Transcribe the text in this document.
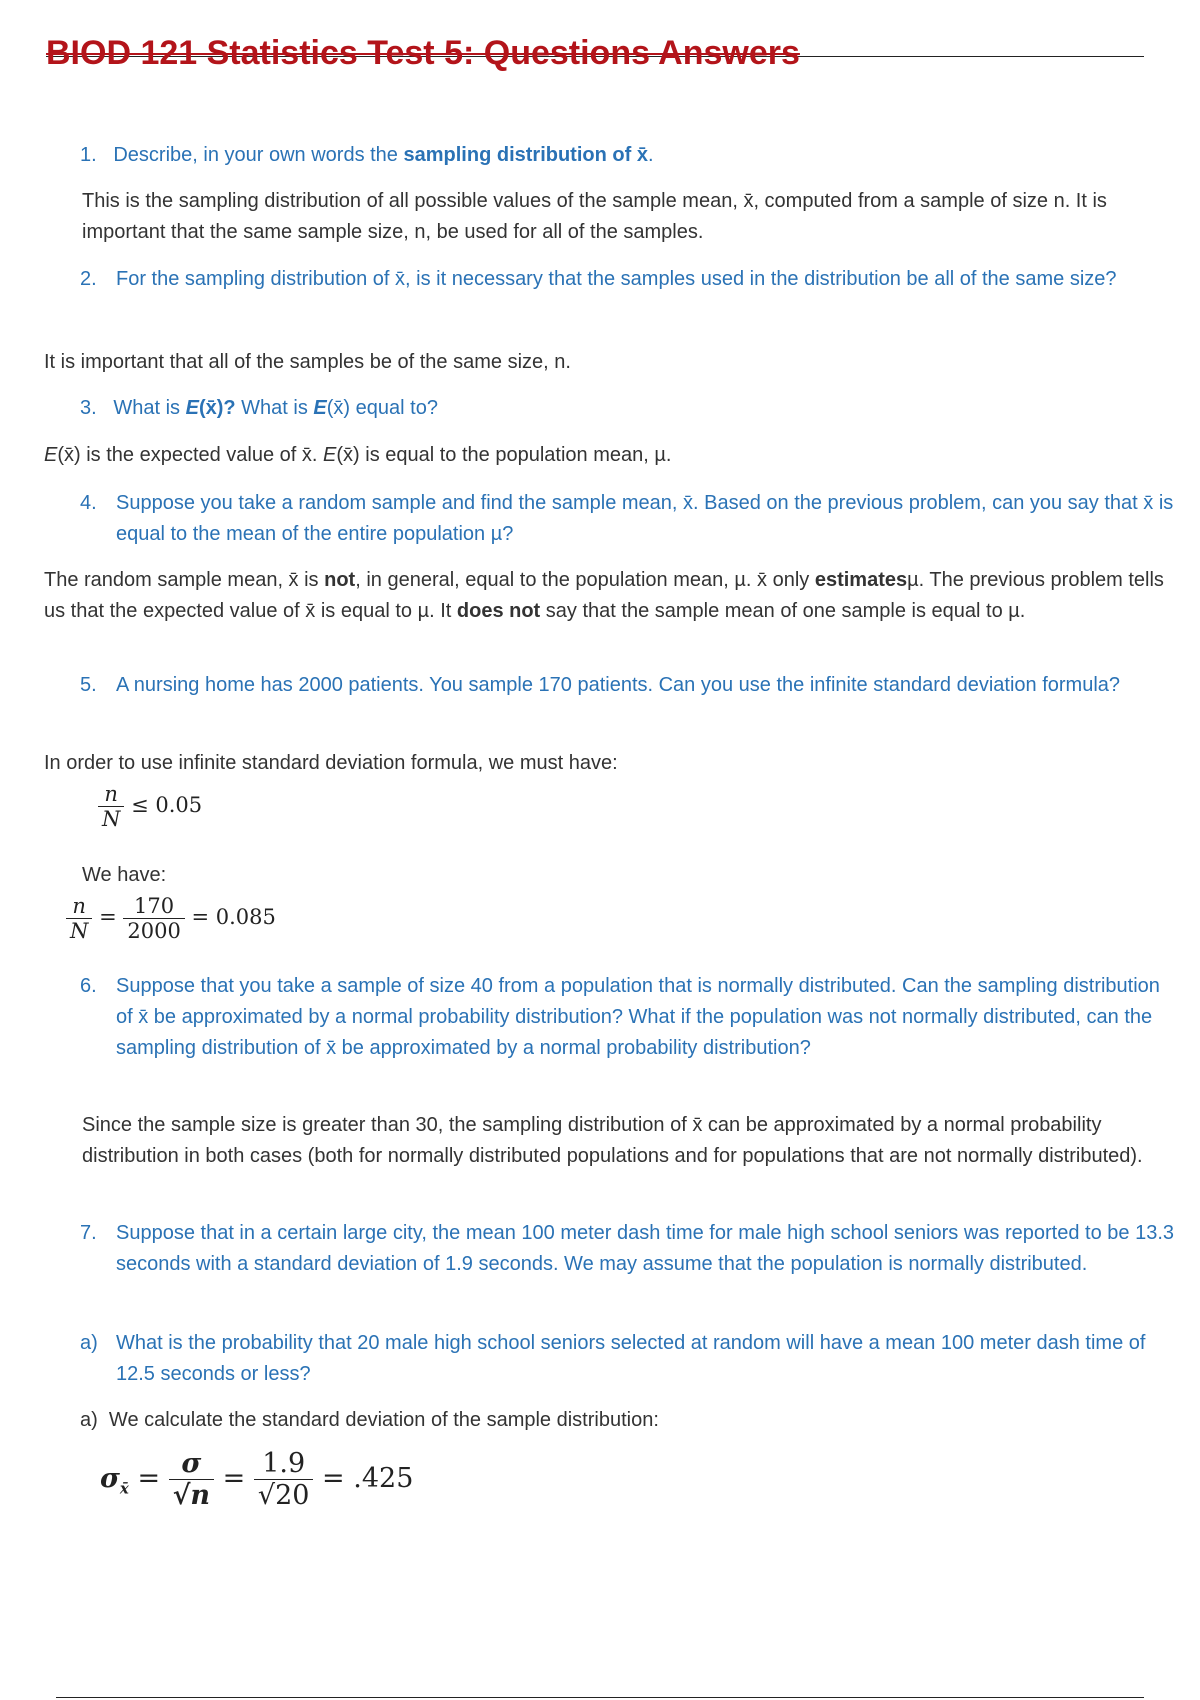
BIOD 121 Statistics Test 5: Questions Answers
1. Describe, in your own words the sampling distribution of x̄.
This is the sampling distribution of all possible values of the sample mean, x̄, computed from a sample of size n. It is important that the same sample size, n, be used for all of the samples.
2. For the sampling distribution of x̄, is it necessary that the samples used in the distribution be all of the same size?
It is important that all of the samples be of the same size, n.
3. What is E(x̄)? What is E(x̄) equal to?
E(x̄) is the expected value of x̄. E(x̄) is equal to the population mean, µ.
4. Suppose you take a random sample and find the sample mean, x̄. Based on the previous problem, can you say that x̄ is equal to the mean of the entire population µ?
The random sample mean, x̄ is not, in general, equal to the population mean, µ. x̄ only estimatesµ. The previous problem tells us that the expected value of x̄ is equal to µ. It does not say that the sample mean of one sample is equal to µ.
5. A nursing home has 2000 patients. You sample 170 patients. Can you use the infinite standard deviation formula?
In order to use infinite standard deviation formula, we must have:
$\frac{n}{N} \le 0.05$
We have:
$\frac{n}{N} = \frac{170}{2000} = 0.085$
6. Suppose that you take a sample of size 40 from a population that is normally distributed. Can the sampling distribution of x̄ be approximated by a normal probability distribution? What if the population was not normally distributed, can the sampling distribution of x̄ be approximated by a normal probability distribution?
Since the sample size is greater than 30, the sampling distribution of x̄ can be approximated by a normal probability distribution in both cases (both for normally distributed populations and for populations that are not normally distributed).
7. Suppose that in a certain large city, the mean 100 meter dash time for male high school seniors was reported to be 13.3 seconds with a standard deviation of 1.9 seconds. We may assume that the population is normally distributed.
a) What is the probability that 20 male high school seniors selected at random will have a mean 100 meter dash time of 12.5 seconds or less?
a) We calculate the standard deviation of the sample distribution:
$\sigma_{x̄} = \frac{\sigma}{√n} = \frac{1.9}{√20} = .425$
